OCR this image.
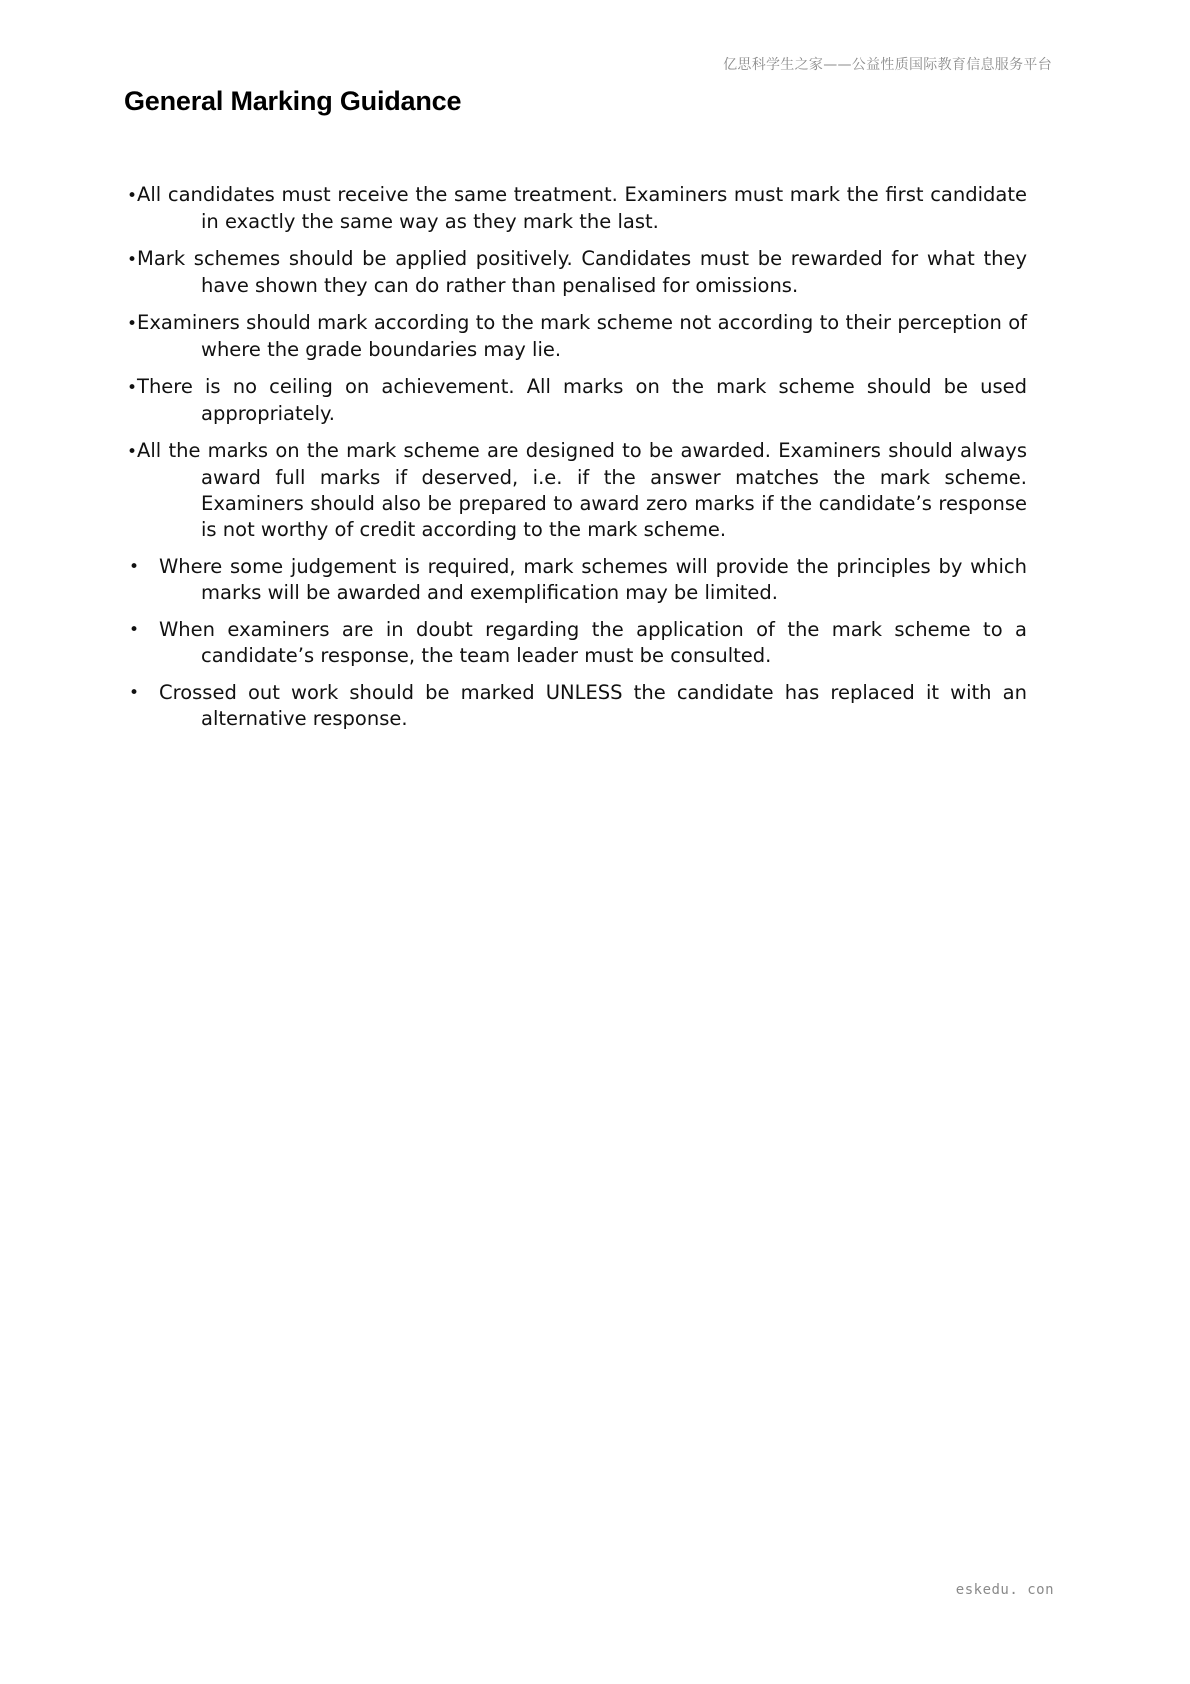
亿思科学生之家——公益性质国际教育信息服务平台
General Marking Guidance
•All candidates must receive the same treatment. Examiners must mark the first candidate in exactly the same way as they mark the last.
•Mark schemes should be applied positively. Candidates must be rewarded for what they have shown they can do rather than penalised for omissions.
•Examiners should mark according to the mark scheme not according to their perception of where the grade boundaries may lie.
•There is no ceiling on achievement. All marks on the mark scheme should be used appropriately.
•All the marks on the mark scheme are designed to be awarded. Examiners should always award full marks if deserved, i.e. if the answer matches the mark scheme. Examiners should also be prepared to award zero marks if the candidate’s response is not worthy of credit according to the mark scheme.
• Where some judgement is required, mark schemes will provide the principles by which marks will be awarded and exemplification may be limited.
• When examiners are in doubt regarding the application of the mark scheme to a candidate’s response, the team leader must be consulted.
• Crossed out work should be marked UNLESS the candidate has replaced it with an alternative response.
eskedu. con
